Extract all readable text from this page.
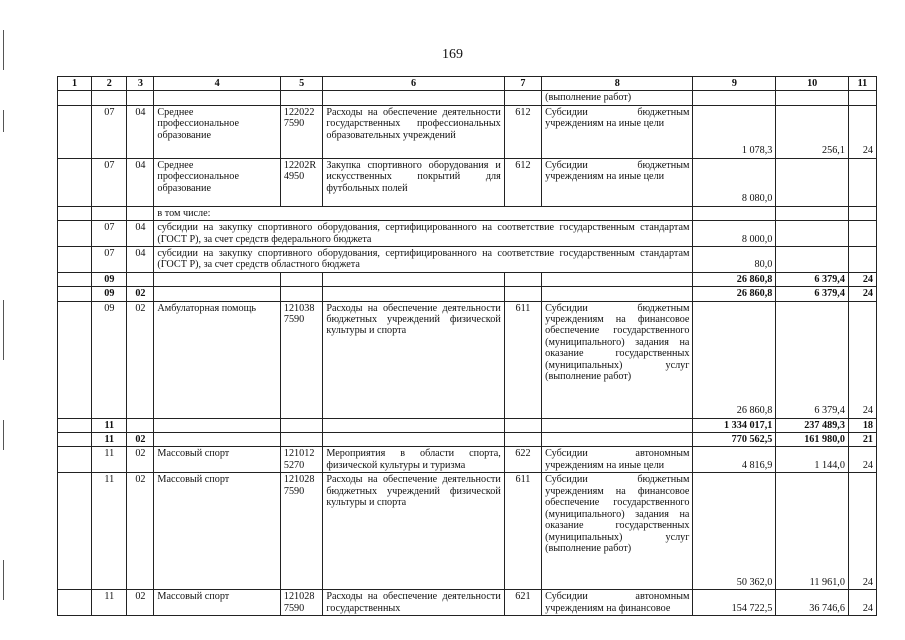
169
1	2	3	4	5	6	7	8	9	10	11
							(выполнение работ)			
	07	04	Среднее профессиональное образование	122022 7590	Расходы на обеспечение деятельности государственных профессиональных образовательных учреждений	612	Субсидии бюджетным учреждениям на иные цели	1 078,3	256,1	24
	07	04	Среднее профессиональное образование	12202R 4950	Закупка спортивного оборудования и искусственных покрытий для футбольных полей	612	Субсидии бюджетным учреждениям на иные цели	8 080,0		
			в том числе:							
	07	04	субсидии на закупку спортивного оборудования, сертифицированного на соответствие государственным стандартам (ГОСТ Р), за счет средств федерального бюджета					8 000,0		
	07	04	субсидии на закупку спортивного оборудования, сертифицированного на соответствие государственным стандартам (ГОСТ Р), за счет средств областного бюджета					80,0		
	09							26 860,8	6 379,4	24
	09	02						26 860,8	6 379,4	24
	09	02	Амбулаторная помощь	121038 7590	Расходы на обеспечение деятельности бюджетных учреждений физической культуры и спорта	611	Субсидии бюджетным учреждениям на финансовое обеспечение государственного (муниципального) задания на оказание государственных (муниципальных) услуг (выполнение работ)	26 860,8	6 379,4	24
	11							1 334 017,1	237 489,3	18
	11	02						770 562,5	161 980,0	21
	11	02	Массовый спорт	121012 5270	Мероприятия в области спорта, физической культуры и туризма	622	Субсидии автономным учреждениям на иные цели	4 816,9	1 144,0	24
	11	02	Массовый спорт	121028 7590	Расходы на обеспечение деятельности бюджетных учреждений физической культуры и спорта	611	Субсидии бюджетным учреждениям на финансовое обеспечение государственного (муниципального) задания на оказание государственных (муниципальных) услуг (выполнение работ)	50 362,0	11 961,0	24
	11	02	Массовый спорт	121028 7590	Расходы на обеспечение деятельности государственных	621	Субсидии автономным учреждениям на финансовое	154 722,5	36 746,6	24
